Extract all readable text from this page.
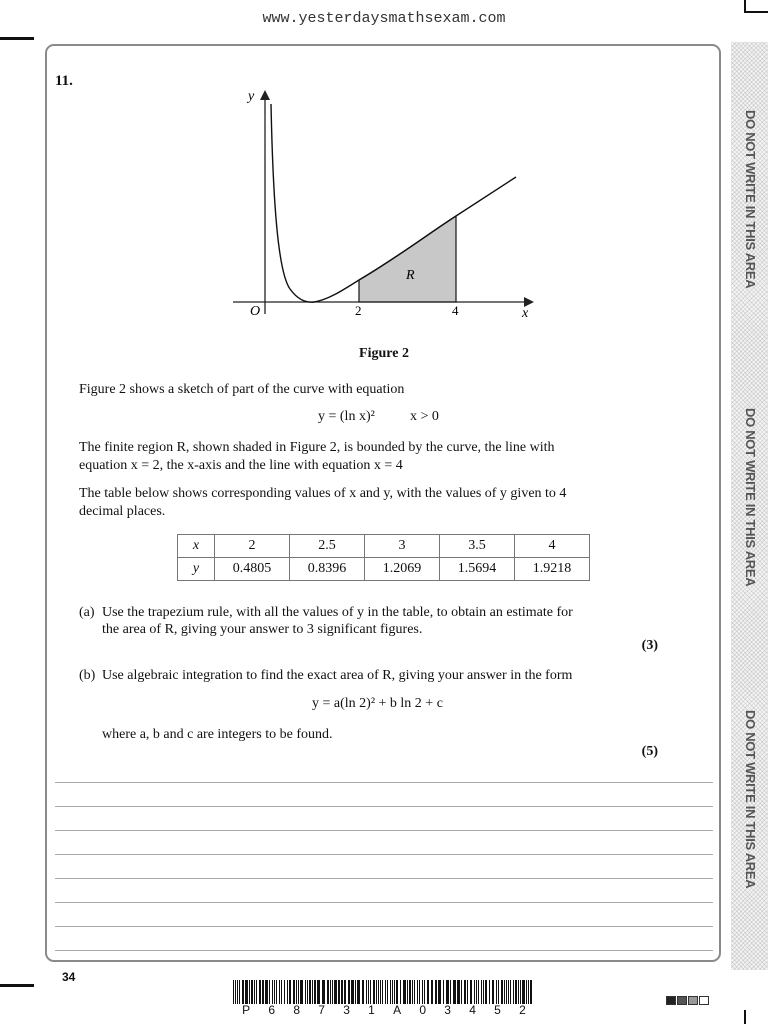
www.yesterdaysmathsexam.com
DO NOT WRITE IN THIS AREA
DO NOT WRITE IN THIS AREA
DO NOT WRITE IN THIS AREA
11.
y
x
O	2	4
R
Figure 2
Figure 2 shows a sketch of part of the curve with equation
y = (ln x)²	x > 0
The finite region R, shown shaded in Figure 2, is bounded by the curve, the line with
equation x = 2, the x-axis and the line with equation x = 4
The table below shows corresponding values of x and y, with the values of y given to 4
decimal places.
x	2	2.5	3	3.5	4
y	0.4805	0.8396	1.2069	1.5694	1.9218
(a) Use the trapezium rule, with all the values of y in the table, to obtain an estimate for
the area of R, giving your answer to 3 significant figures.
(3)
(b) Use algebraic integration to find the exact area of R, giving your answer in the form
y = a(ln 2)² + b ln 2 + c
where a, b and c are integers to be found.
(5)
34
P 6 8 7 3 1 A 0 3 4 5 2
